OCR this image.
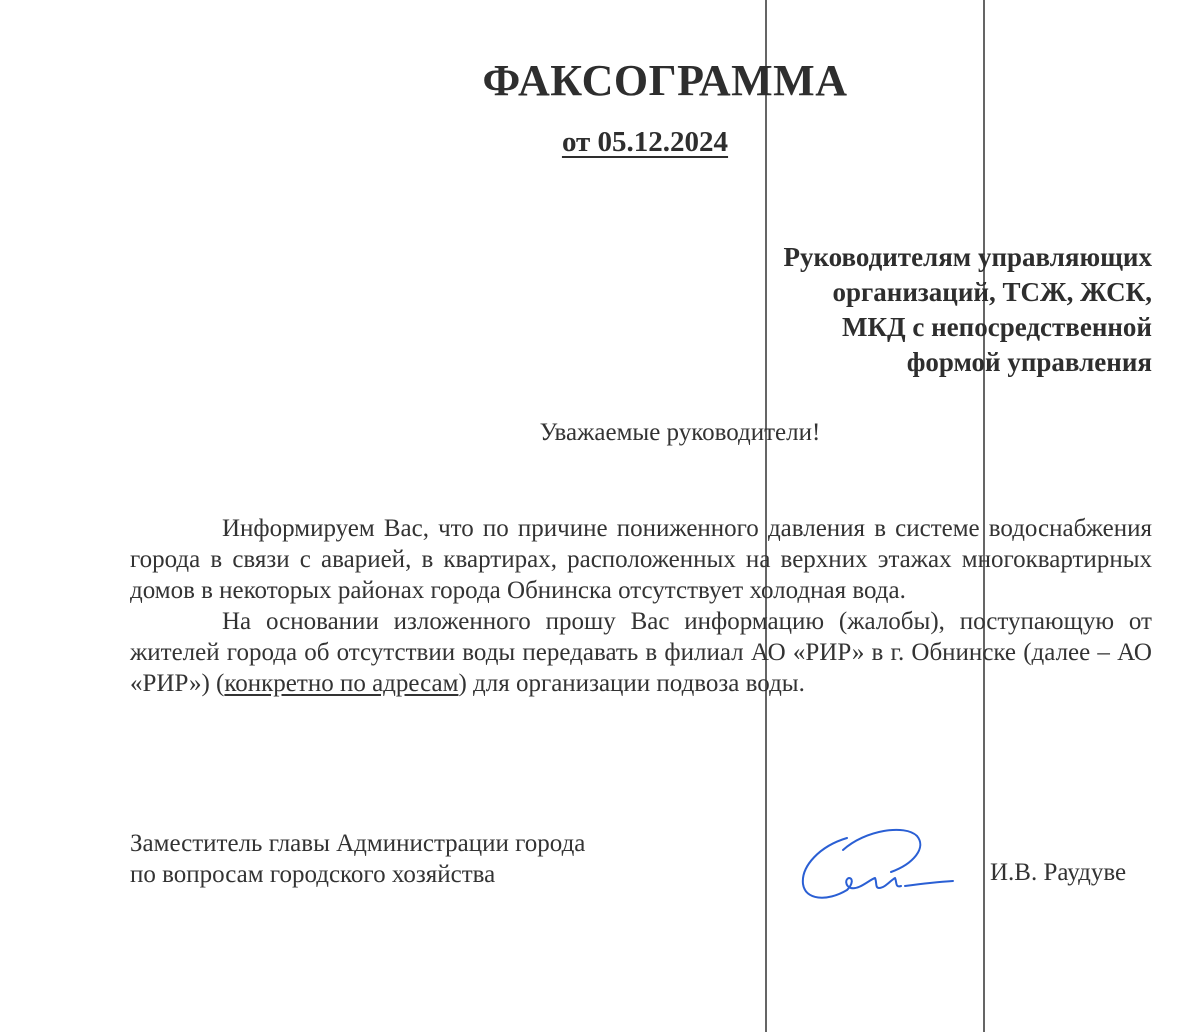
ФАКСОГРАММА
от 05.12.2024
Руководителям управляющих
организаций, ТСЖ, ЖСК,
МКД с непосредственной
формой управления
Уважаемые руководители!

Информируем Вас, что по причине пониженного давления в системе водоснабжения города в связи с аварией, в квартирах, расположенных на верхних этажах многоквартирных домов в некоторых районах города Обнинска отсутствует холодная вода.

На основании изложенного прошу Вас информацию (жалобы), поступающую от жителей города об отсутствии воды передавать в филиал АО «РИР» в г. Обнинске (далее – АО «РИР») (конкретно по адресам) для организации подвоза воды.

Заместитель главы Администрации города
по вопросам городского хозяйства	И.В. Раудуве
